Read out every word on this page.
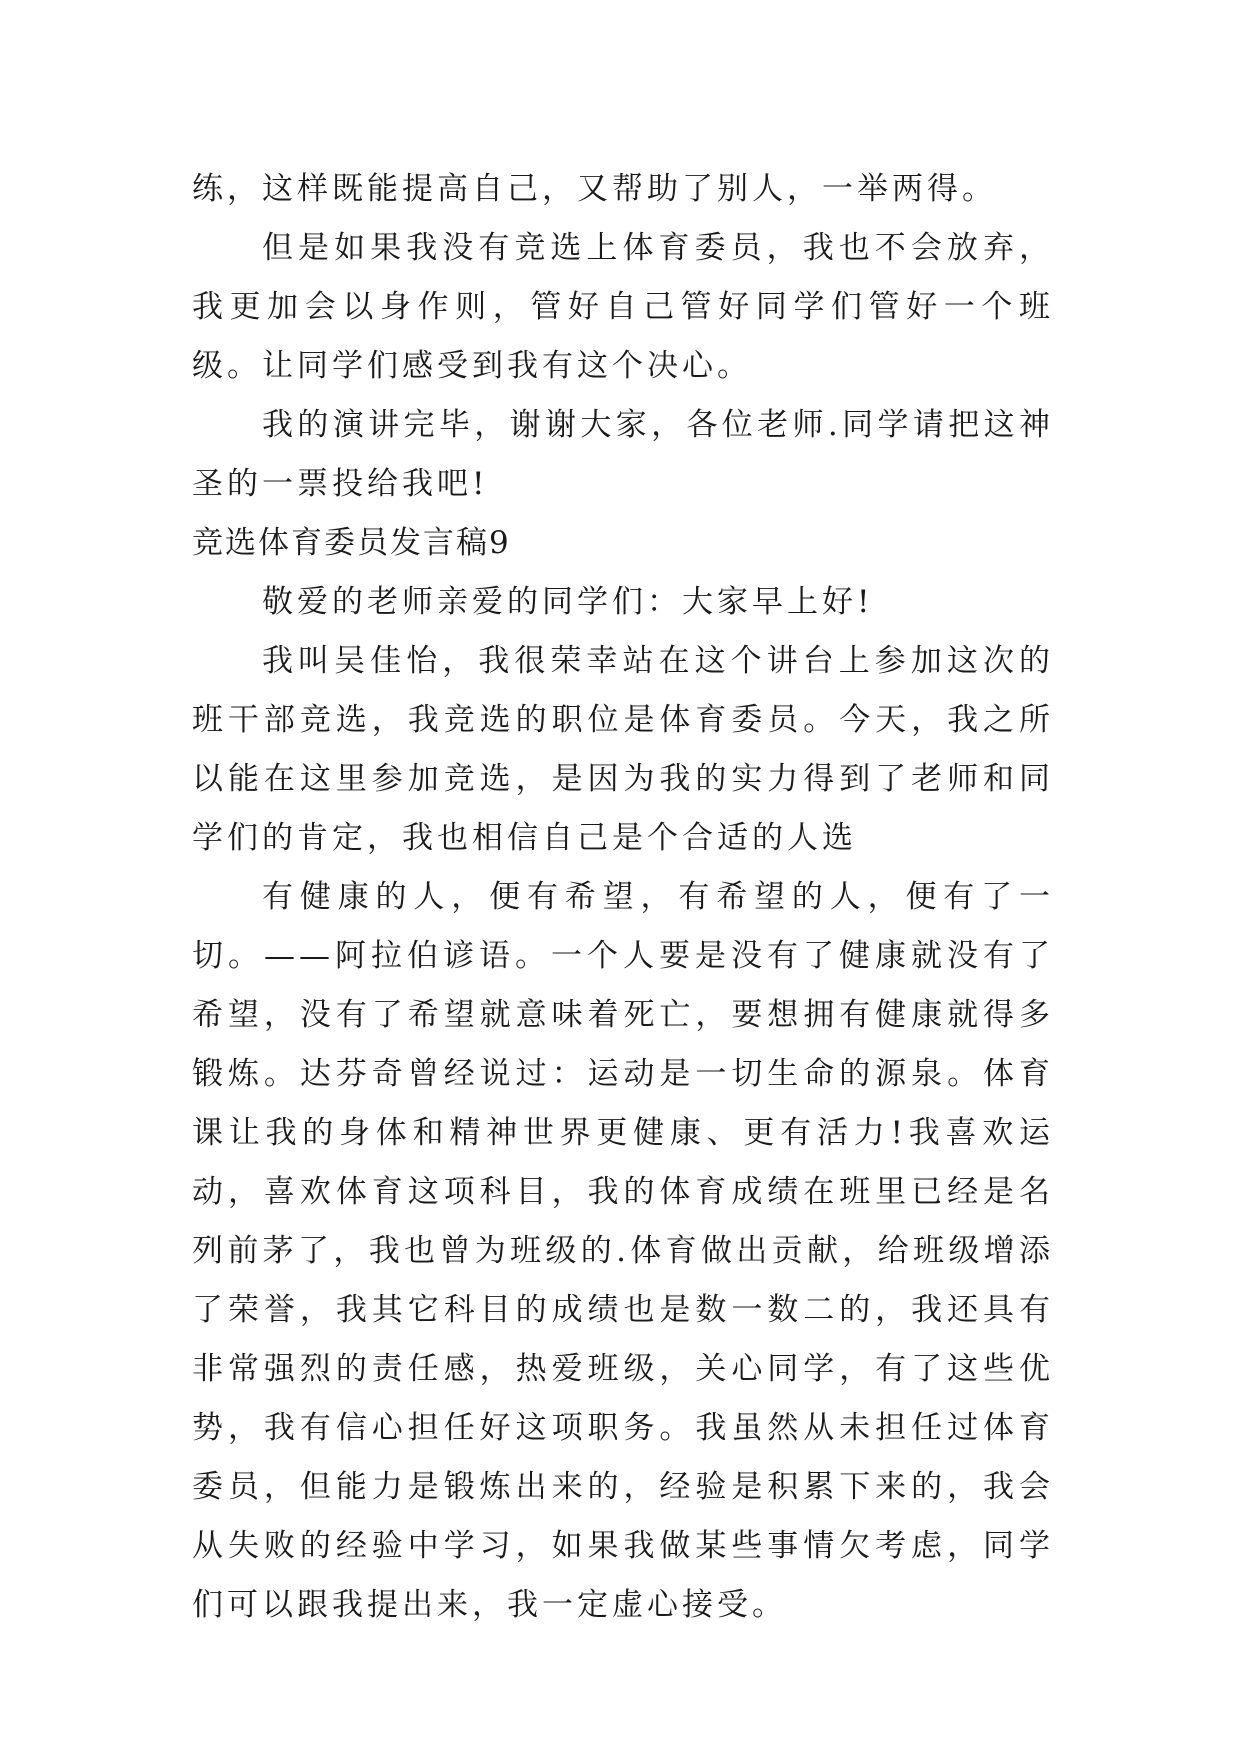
练，这样既能提高自己，又帮助了别人，一举两得。

但是如果我没有竞选上体育委员，我也不会放弃，我更加会以身作则，管好自己管好同学们管好一个班级。让同学们感受到我有这个决心。

我的演讲完毕，谢谢大家，各位老师.同学请把这神圣的一票投给我吧!

竞选体育委员发言稿9

敬爱的老师亲爱的同学们：大家早上好!

我叫吴佳怡，我很荣幸站在这个讲台上参加这次的班干部竞选，我竞选的职位是体育委员。今天，我之所以能在这里参加竞选，是因为我的实力得到了老师和同学们的肯定，我也相信自己是个合适的人选

有健康的人，便有希望，有希望的人，便有了一切。——阿拉伯谚语。一个人要是没有了健康就没有了希望，没有了希望就意味着死亡，要想拥有健康就得多锻炼。达芬奇曾经说过：运动是一切生命的源泉。体育课让我的身体和精神世界更健康、更有活力!我喜欢运动，喜欢体育这项科目，我的体育成绩在班里已经是名列前茅了，我也曾为班级的.体育做出贡献，给班级增添了荣誉，我其它科目的成绩也是数一数二的，我还具有非常强烈的责任感，热爱班级，关心同学，有了这些优势，我有信心担任好这项职务。我虽然从未担任过体育委员，但能力是锻炼出来的，经验是积累下来的，我会从失败的经验中学习，如果我做某些事情欠考虑，同学们可以跟我提出来，我一定虚心接受。
